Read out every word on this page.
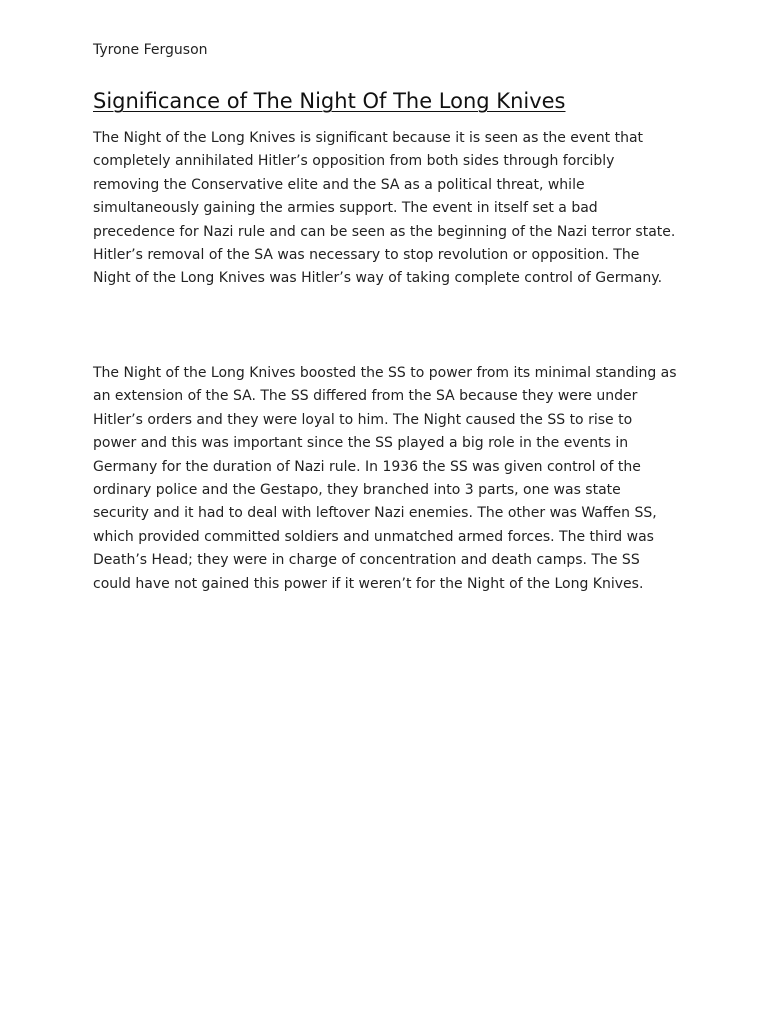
Tyrone Ferguson
Significance of The Night Of The Long Knives

The Night of the Long Knives is significant because it is seen as the event that completely annihilated Hitler’s opposition from both sides through forcibly removing the Conservative elite and the SA as a political threat, while simultaneously gaining the armies support. The event in itself set a bad precedence for Nazi rule and can be seen as the beginning of the Nazi terror state. Hitler’s removal of the SA was necessary to stop revolution or opposition. The Night of the Long Knives was Hitler’s way of taking complete control of Germany.

The Night of the Long Knives boosted the SS to power from its minimal standing as an extension of the SA. The SS differed from the SA because they were under Hitler’s orders and they were loyal to him. The Night caused the SS to rise to power and this was important since the SS played a big role in the events in Germany for the duration of Nazi rule. In 1936 the SS was given control of the ordinary police and the Gestapo, they branched into 3 parts, one was state security and it had to deal with leftover Nazi enemies. The other was Waffen SS, which provided committed soldiers and unmatched armed forces. The third was Death’s Head; they were in charge of concentration and death camps. The SS could have not gained this power if it weren’t for the Night of the Long Knives.
